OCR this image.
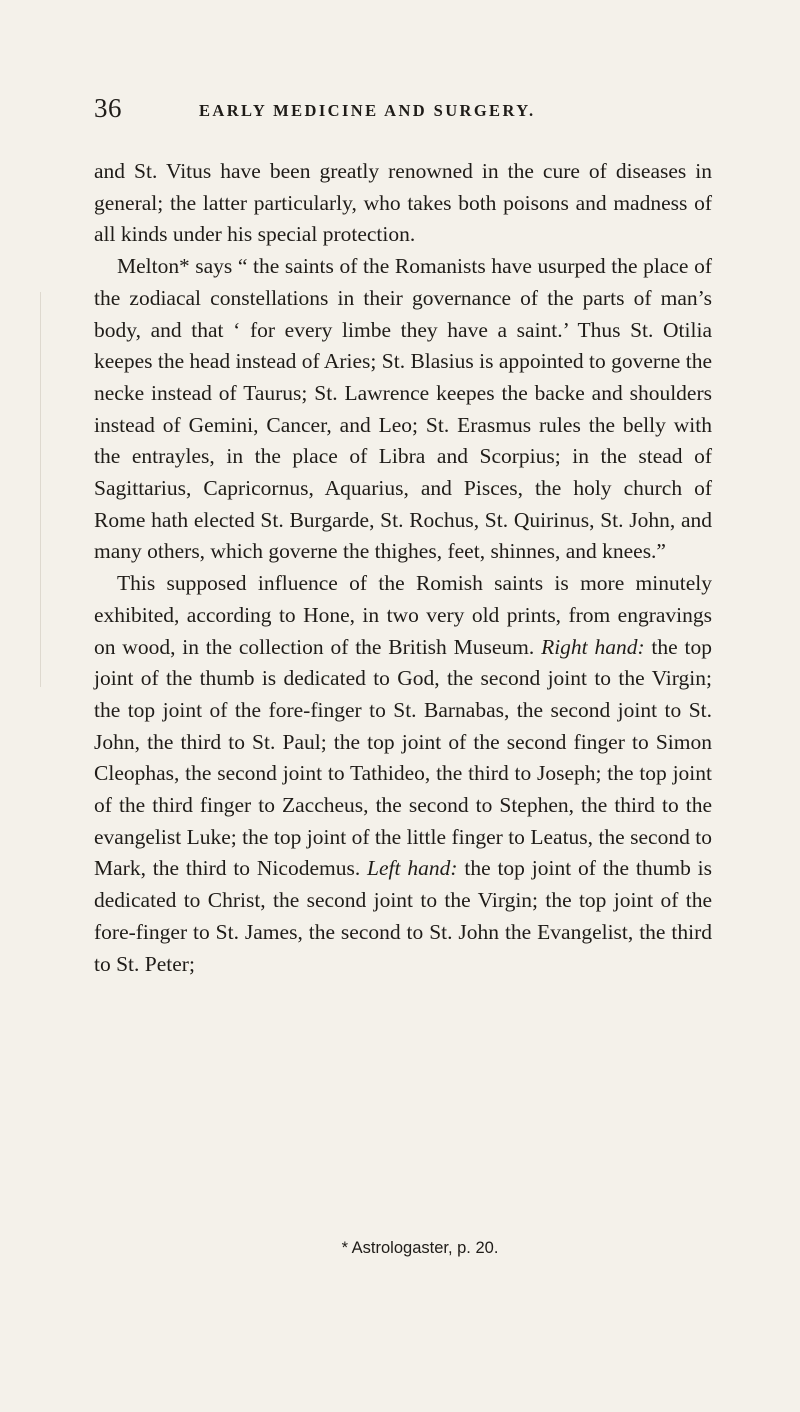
36	EARLY MEDICINE AND SURGERY.

and St. Vitus have been greatly renowned in the cure of diseases in general; the latter particularly, who takes both poisons and madness of all kinds under his special protection.

Melton* says “ the saints of the Romanists have usurped the place of the zodiacal constellations in their governance of the parts of man’s body, and that ‘ for every limbe they have a saint.’ Thus St. Otilia keepes the head instead of Aries; St. Blasius is appointed to governe the necke instead of Taurus; St. Lawrence keepes the backe and shoulders instead of Gemini, Cancer, and Leo; St. Erasmus rules the belly with the entrayles, in the place of Libra and Scorpius; in the stead of Sagittarius, Capricornus, Aquarius, and Pisces, the holy church of Rome hath elected St. Burgarde, St. Rochus, St. Quirinus, St. John, and many others, which governe the thighes, feet, shinnes, and knees.”

This supposed influence of the Romish saints is more minutely exhibited, according to Hone, in two very old prints, from engravings on wood, in the collection of the British Museum. Right hand: the top joint of the thumb is dedicated to God, the second joint to the Virgin; the top joint of the fore-finger to St. Barnabas, the second joint to St. John, the third to St. Paul; the top joint of the second finger to Simon Cleophas, the second joint to Tathideo, the third to Joseph; the top joint of the third finger to Zaccheus, the second to Stephen, the third to the evangelist Luke; the top joint of the little finger to Leatus, the second to Mark, the third to Nicodemus. Left hand: the top joint of the thumb is dedicated to Christ, the second joint to the Virgin; the top joint of the fore-finger to St. James, the second to St. John the Evangelist, the third to St. Peter;

* Astrologaster, p. 20.
